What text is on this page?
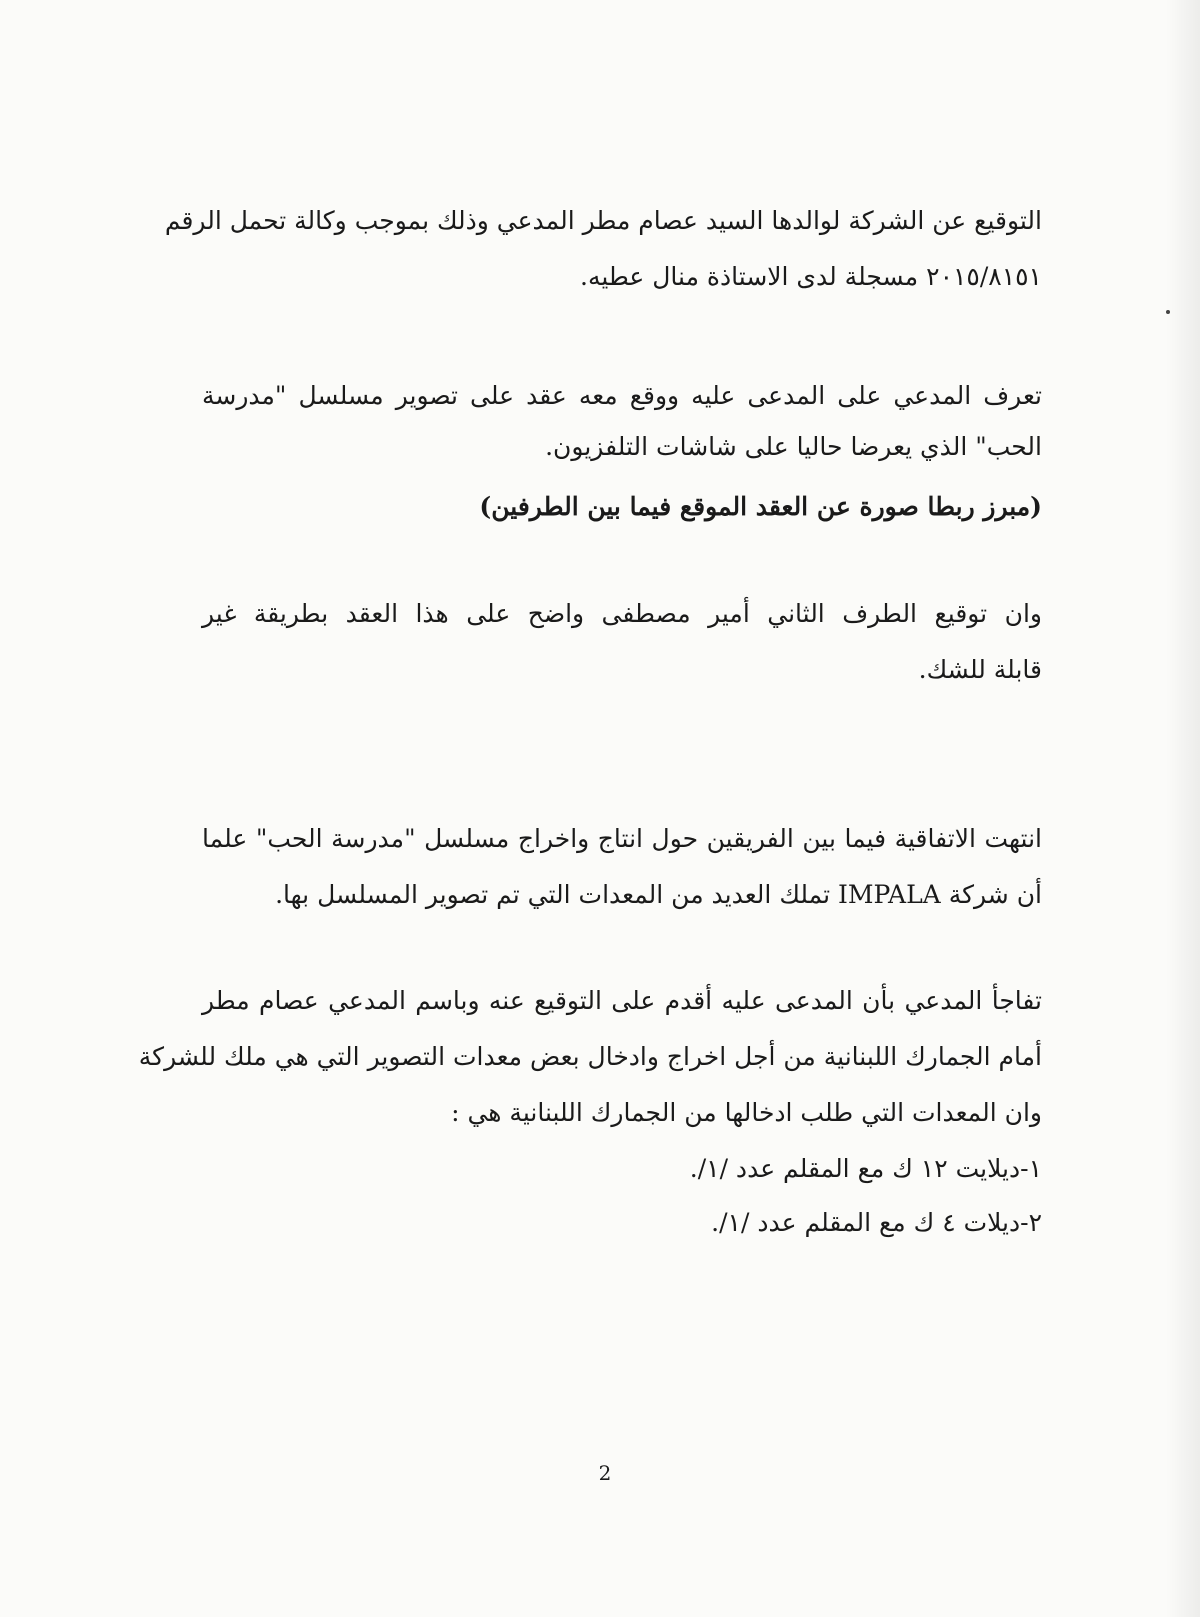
التوقيع عن الشركة لوالدها السيد عصام مطر المدعي وذلك بموجب وكالة تحمل الرقم
٢٠١٥/٨١٥١ مسجلة لدى الاستاذة منال عطيه.
تعرف المدعي على المدعى عليه ووقع معه عقد على تصوير مسلسل "مدرسة
الحب" الذي يعرضا حاليا على شاشات التلفزيون.
(مبرز ربطا صورة عن العقد الموقع فيما بين الطرفين)
وان توقيع الطرف الثاني أمير مصطفى واضح على هذا العقد بطريقة غير
قابلة للشك.
انتهت الاتفاقية فيما بين الفريقين حول انتاج واخراج مسلسل "مدرسة الحب" علما
أن شركة IMPALA تملك العديد من المعدات التي تم تصوير المسلسل بها.
تفاجأ المدعي بأن المدعى عليه أقدم على التوقيع عنه وباسم المدعي عصام مطر
أمام الجمارك اللبنانية من أجل اخراج وادخال بعض معدات التصوير التي هي ملك للشركة
وان المعدات التي طلب ادخالها من الجمارك اللبنانية هي :
١-ديلايت ١٢ ك مع المقلم عدد /١/.
٢-ديلات ٤ ك مع المقلم عدد /١/.
2
